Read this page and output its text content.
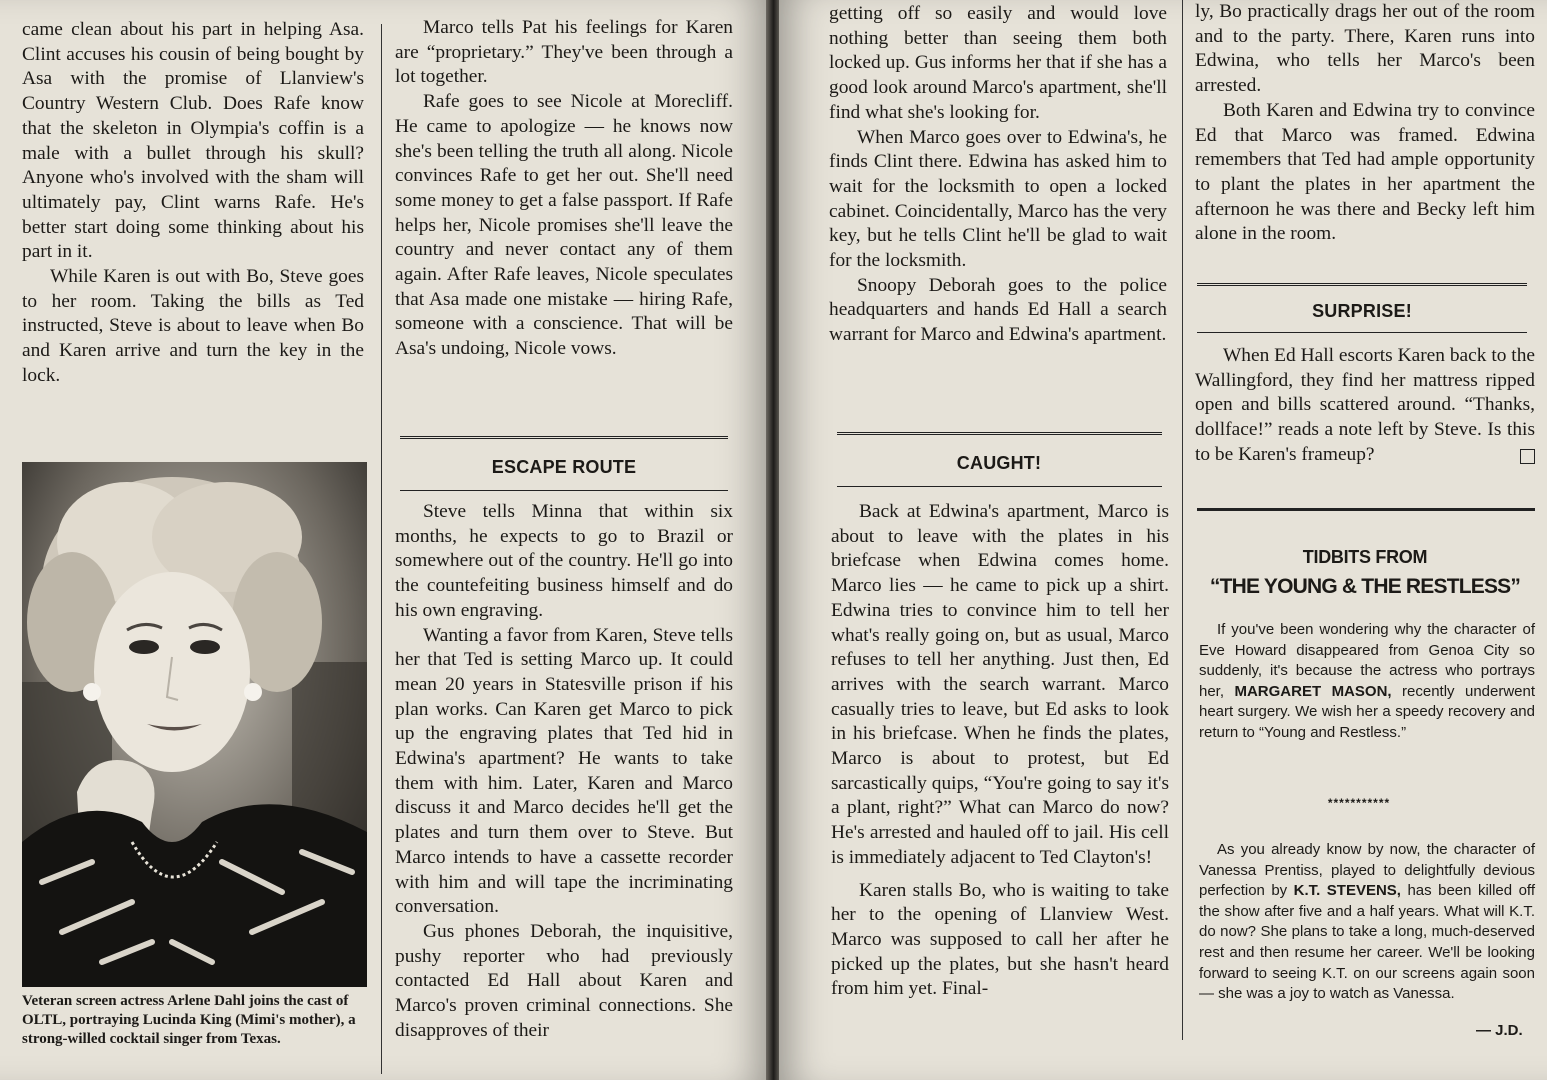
came clean about his part in helping Asa. Clint accuses his cousin of being bought by Asa with the promise of Llanview's Country Western Club. Does Rafe know that the skeleton in Olympia's coffin is a male with a bullet through his skull? Anyone who's involved with the sham will ultimately pay, Clint warns Rafe. He's better start doing some thinking about his part in it.

While Karen is out with Bo, Steve goes to her room. Taking the bills as Ted instructed, Steve is about to leave when Bo and Karen arrive and turn the key in the lock.

Veteran screen actress Arlene Dahl joins the cast of OLTL, portraying Lucinda King (Mimi's mother), a strong-willed cocktail singer from Texas.

Marco tells Pat his feelings for Karen are “proprietary.” They've been through a lot together.

Rafe goes to see Nicole at Morecliff. He came to apologize — he knows now she's been telling the truth all along. Nicole convinces Rafe to get her out. She'll need some money to get a false passport. If Rafe helps her, Nicole promises she'll leave the country and never contact any of them again. After Rafe leaves, Nicole speculates that Asa made one mistake — hiring Rafe, someone with a conscience. That will be Asa's undoing, Nicole vows.

ESCAPE ROUTE

Steve tells Minna that within six months, he expects to go to Brazil or somewhere out of the country. He'll go into the countefeiting business himself and do his own engraving.

Wanting a favor from Karen, Steve tells her that Ted is setting Marco up. It could mean 20 years in Statesville prison if his plan works. Can Karen get Marco to pick up the engraving plates that Ted hid in Edwina's apartment? He wants to take them with him. Later, Karen and Marco discuss it and Marco decides he'll get the plates and turn them over to Steve. But Marco intends to have a cassette recorder with him and will tape the incriminating conversation.

Gus phones Deborah, the inquisitive, pushy reporter who had previously contacted Ed Hall about Karen and Marco's proven criminal connections. She disapproves of their

getting off so easily and would love nothing better than seeing them both locked up. Gus informs her that if she has a good look around Marco's apartment, she'll find what she's looking for.

When Marco goes over to Edwina's, he finds Clint there. Edwina has asked him to wait for the locksmith to open a locked cabinet. Coincidentally, Marco has the very key, but he tells Clint he'll be glad to wait for the locksmith.

Snoopy Deborah goes to the police headquarters and hands Ed Hall a search warrant for Marco and Edwina's apartment.

CAUGHT!

Back at Edwina's apartment, Marco is about to leave with the plates in his briefcase when Edwina comes home. Marco lies — he came to pick up a shirt. Edwina tries to convince him to tell her what's really going on, but as usual, Marco refuses to tell her anything. Just then, Ed arrives with the search warrant. Marco casually tries to leave, but Ed asks to look in his briefcase. When he finds the plates, Marco is about to protest, but Ed sarcastically quips, “You're going to say it's a plant, right?” What can Marco do now? He's arrested and hauled off to jail. His cell is immediately adjacent to Ted Clayton's!

Karen stalls Bo, who is waiting to take her to the opening of Llanview West. Marco was supposed to call her after he picked up the plates, but she hasn't heard from him yet. Final-

ly, Bo practically drags her out of the room and to the party. There, Karen runs into Edwina, who tells her Marco's been arrested.

Both Karen and Edwina try to convince Ed that Marco was framed. Edwina remembers that Ted had ample opportunity to plant the plates in her apartment the afternoon he was there and Becky left him alone in the room.

SURPRISE!

When Ed Hall escorts Karen back to the Wallingford, they find her mattress ripped open and bills scattered around. “Thanks, dollface!” reads a note left by Steve. Is this to be Karen's frameup?

TIDBITS FROM
“THE YOUNG & THE RESTLESS”

If you've been wondering why the character of Eve Howard disappeared from Genoa City so suddenly, it's because the actress who portrays her, MARGARET MASON, recently underwent heart surgery. We wish her a speedy recovery and return to “Young and Restless.”

***********

As you already know by now, the character of Vanessa Prentiss, played to delightfully devious perfection by K.T. STEVENS, has been killed off the show after five and a half years. What will K.T. do now? She plans to take a long, much-deserved rest and then resume her career. We'll be looking forward to seeing K.T. on our screens again soon — she was a joy to watch as Vanessa.

— J.D.
